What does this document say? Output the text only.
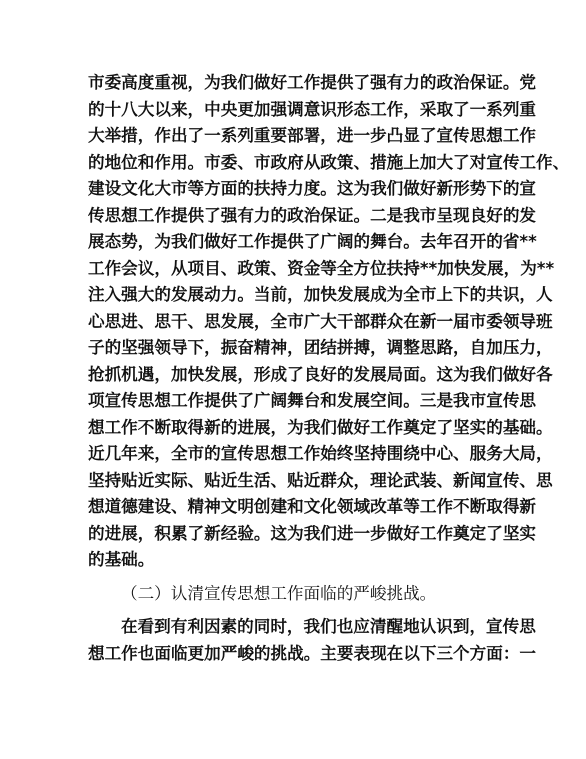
市委高度重视，为我们做好工作提供了强有力的政治保证。党
的十八大以来，中央更加强调意识形态工作，采取了一系列重
大举措，作出了一系列重要部署，进一步凸显了宣传思想工作
的地位和作用。市委、市政府从政策、措施上加大了对宣传工作、
建设文化大市等方面的扶持力度。这为我们做好新形势下的宣
传思想工作提供了强有力的政治保证。二是我市呈现良好的发
展态势，为我们做好工作提供了广阔的舞台。去年召开的省**
工作会议，从项目、政策、资金等全方位扶持**加快发展，为**
注入强大的发展动力。当前，加快发展成为全市上下的共识，人
心思进、思干、思发展，全市广大干部群众在新一届市委领导班
子的坚强领导下，振奋精神，团结拼搏，调整思路，自加压力，
抢抓机遇，加快发展，形成了良好的发展局面。这为我们做好各
项宣传思想工作提供了广阔舞台和发展空间。三是我市宣传思
想工作不断取得新的进展，为我们做好工作奠定了坚实的基础。
近几年来，全市的宣传思想工作始终坚持围绕中心、服务大局，
坚持贴近实际、贴近生活、贴近群众，理论武装、新闻宣传、思
想道德建设、精神文明创建和文化领域改革等工作不断取得新
的进展，积累了新经验。这为我们进一步做好工作奠定了坚实
的基础。
（二）认清宣传思想工作面临的严峻挑战。
在看到有利因素的同时，我们也应清醒地认识到，宣传思
想工作也面临更加严峻的挑战。主要表现在以下三个方面：一
